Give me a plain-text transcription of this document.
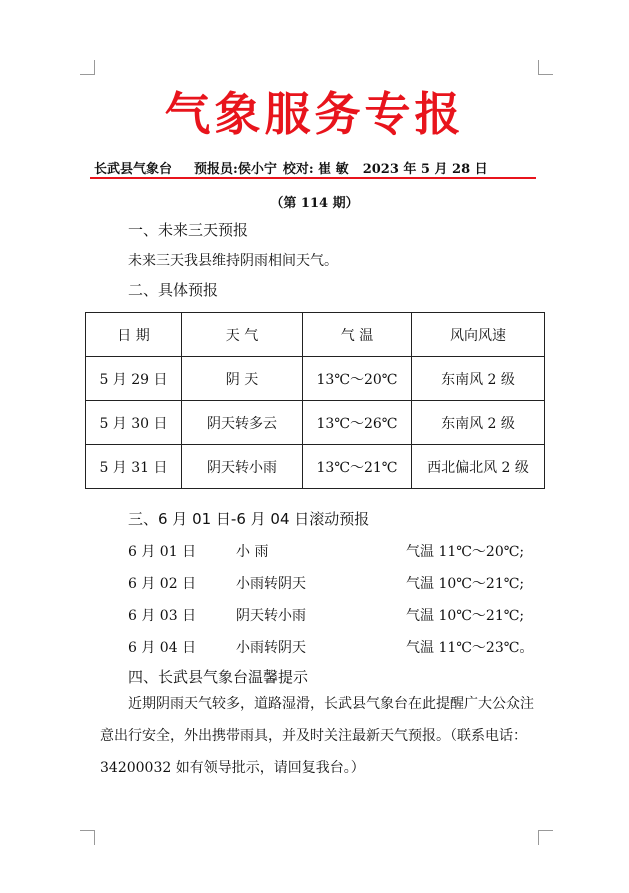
气象服务专报
长武县气象台 预报员:侯小宁 校对: 崔 敏 2023 年 5 月 28 日
（第 114 期）
一、未来三天预报
未来三天我县维持阴雨相间天气。
二、具体预报
日 期	天 气	气 温	风向风速
5 月 29 日	阴 天	13℃～20℃	东南风 2 级
5 月 30 日	阴天转多云	13℃～26℃	东南风 2 级
5 月 31 日	阴天转小雨	13℃～21℃	西北偏北风 2 级
三、6 月 01 日-6 月 04 日滚动预报
6 月 01 日	小 雨	气温 11℃～20℃;
6 月 02 日	小雨转阴天	气温 10℃～21℃;
6 月 03 日	阴天转小雨	气温 10℃～21℃;
6 月 04 日	小雨转阴天	气温 11℃～23℃。
四、长武县气象台温馨提示
近期阴雨天气较多，道路湿滑，长武县气象台在此提醒广大公众注意出行安全，外出携带雨具，并及时关注最新天气预报。（联系电话：34200032 如有领导批示，请回复我台。）
